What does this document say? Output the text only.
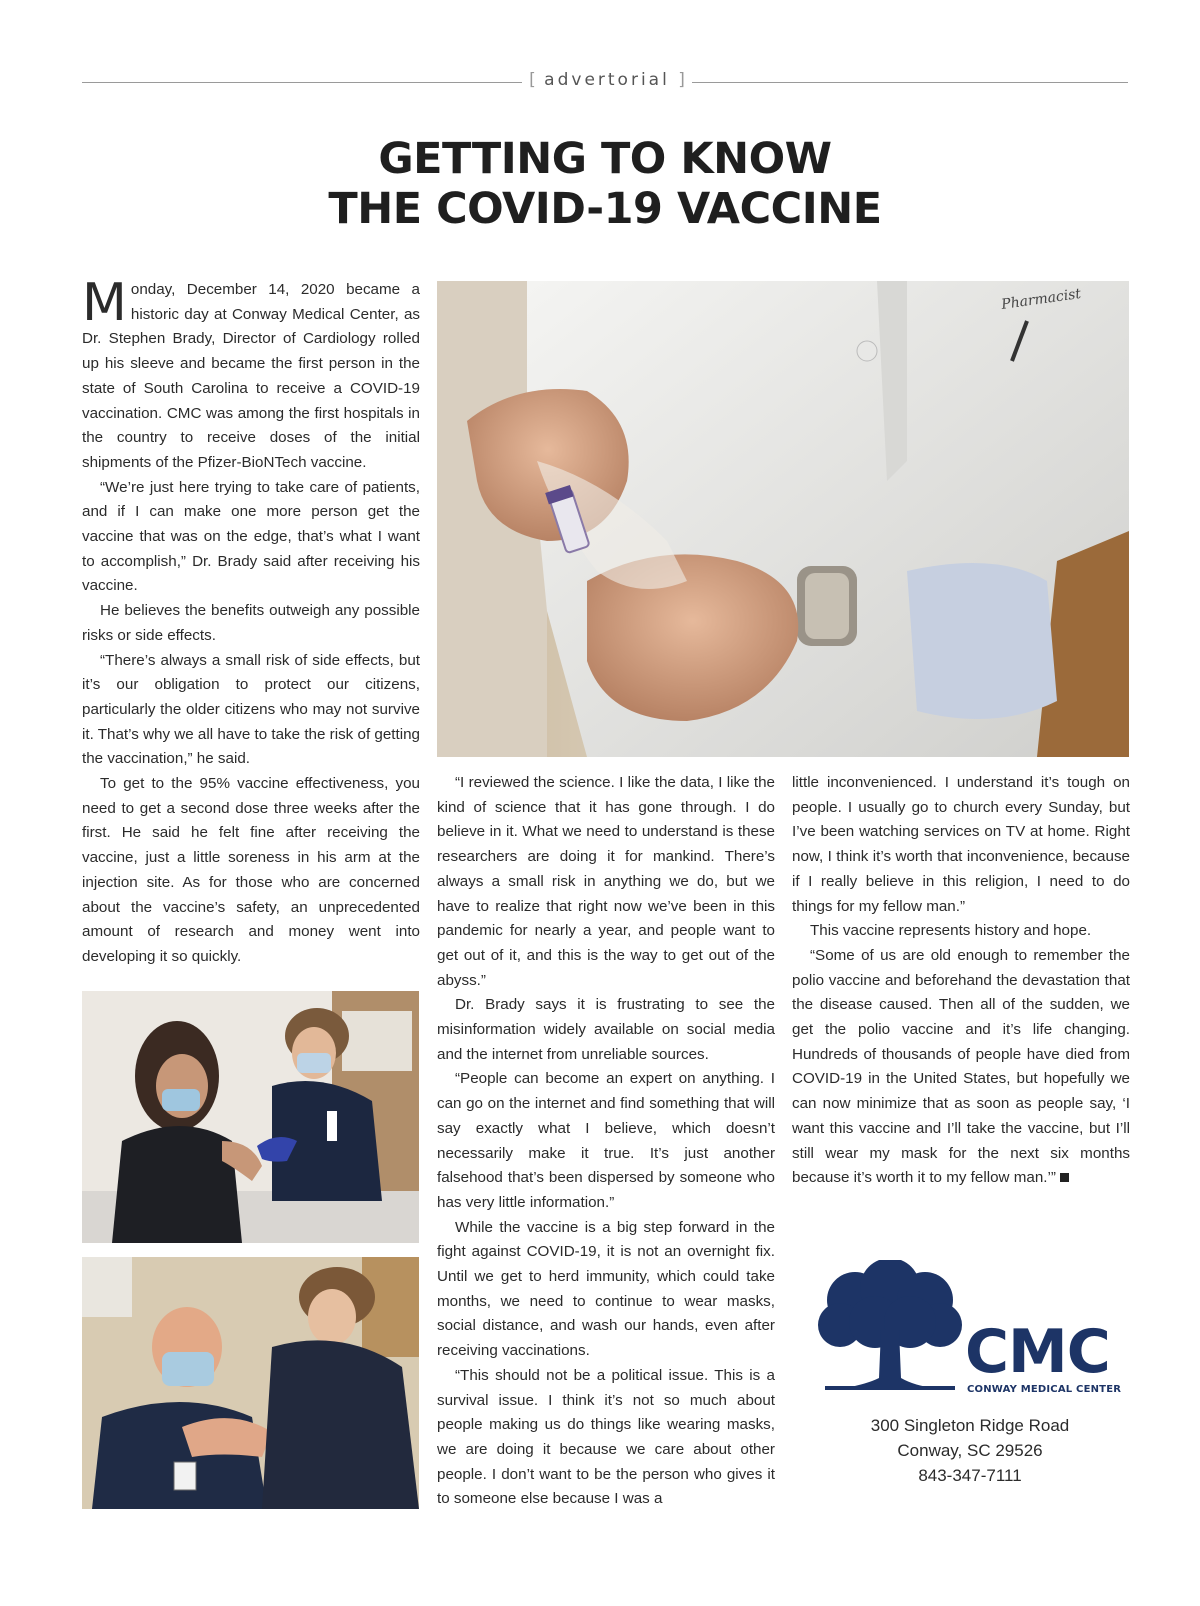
[ advertorial ]
GETTING TO KNOW
THE COVID-19 VACCINE

Monday, December 14, 2020 became a historic day at Conway Medical Center, as Dr. Stephen Brady, Director of Cardiology rolled up his sleeve and became the first person in the state of South Carolina to receive a COVID-19 vaccination. CMC was among the first hospitals in the country to receive doses of the initial shipments of the Pfizer-BioNTech vaccine.

“We’re just here trying to take care of patients, and if I can make one more person get the vaccine that was on the edge, that’s what I want to accomplish,” Dr. Brady said after receiving his vaccine.

He believes the benefits outweigh any possible risks or side effects.

“There’s always a small risk of side effects, but it’s our obligation to protect our citizens, particularly the older citizens who may not survive it. That’s why we all have to take the risk of getting the vaccination,” he said.

To get to the 95% vaccine effectiveness, you need to get a second dose three weeks after the first. He said he felt fine after receiving the vaccine, just a little soreness in his arm at the injection site. As for those who are concerned about the vaccine’s safety, an unprecedented amount of research and money went into developing it so quickly.

Pharmacist

“I reviewed the science. I like the data, I like the kind of science that it has gone through. I do believe in it. What we need to understand is these researchers are doing it for mankind. There’s always a small risk in anything we do, but we have to realize that right now we’ve been in this pandemic for nearly a year, and people want to get out of it, and this is the way to get out of the abyss.”

Dr. Brady says it is frustrating to see the misinformation widely available on social media and the internet from unreliable sources.

“People can become an expert on anything. I can go on the internet and find something that will say exactly what I believe, which doesn’t necessarily make it true. It’s just another falsehood that’s been dispersed by someone who has very little information.”

While the vaccine is a big step forward in the fight against COVID-19, it is not an overnight fix. Until we get to herd immunity, which could take months, we need to continue to wear masks, social distance, and wash our hands, even after receiving vaccinations.

“This should not be a political issue. This is a survival issue. I think it’s not so much about people making us do things like wearing masks, we are doing it because we care about other people. I don’t want to be the person who gives it to someone else because I was a

little inconvenienced. I understand it’s tough on people. I usually go to church every Sunday, but I’ve been watching services on TV at home. Right now, I think it’s worth that inconvenience, because if I really believe in this religion, I need to do things for my fellow man.”

This vaccine represents history and hope.

“Some of us are old enough to remember the polio vaccine and beforehand the devastation that the disease caused. Then all of the sudden, we get the polio vaccine and it’s life changing. Hundreds of thousands of people have died from COVID-19 in the United States, but hopefully we can now minimize that as soon as people say, ‘I want this vaccine and I’ll take the vaccine, but I’ll still wear my mask for the next six months because it’s worth it to my fellow man.’”

CMC
CONWAY MEDICAL CENTER
300 Singleton Ridge Road
Conway, SC 29526
843-347-7111
